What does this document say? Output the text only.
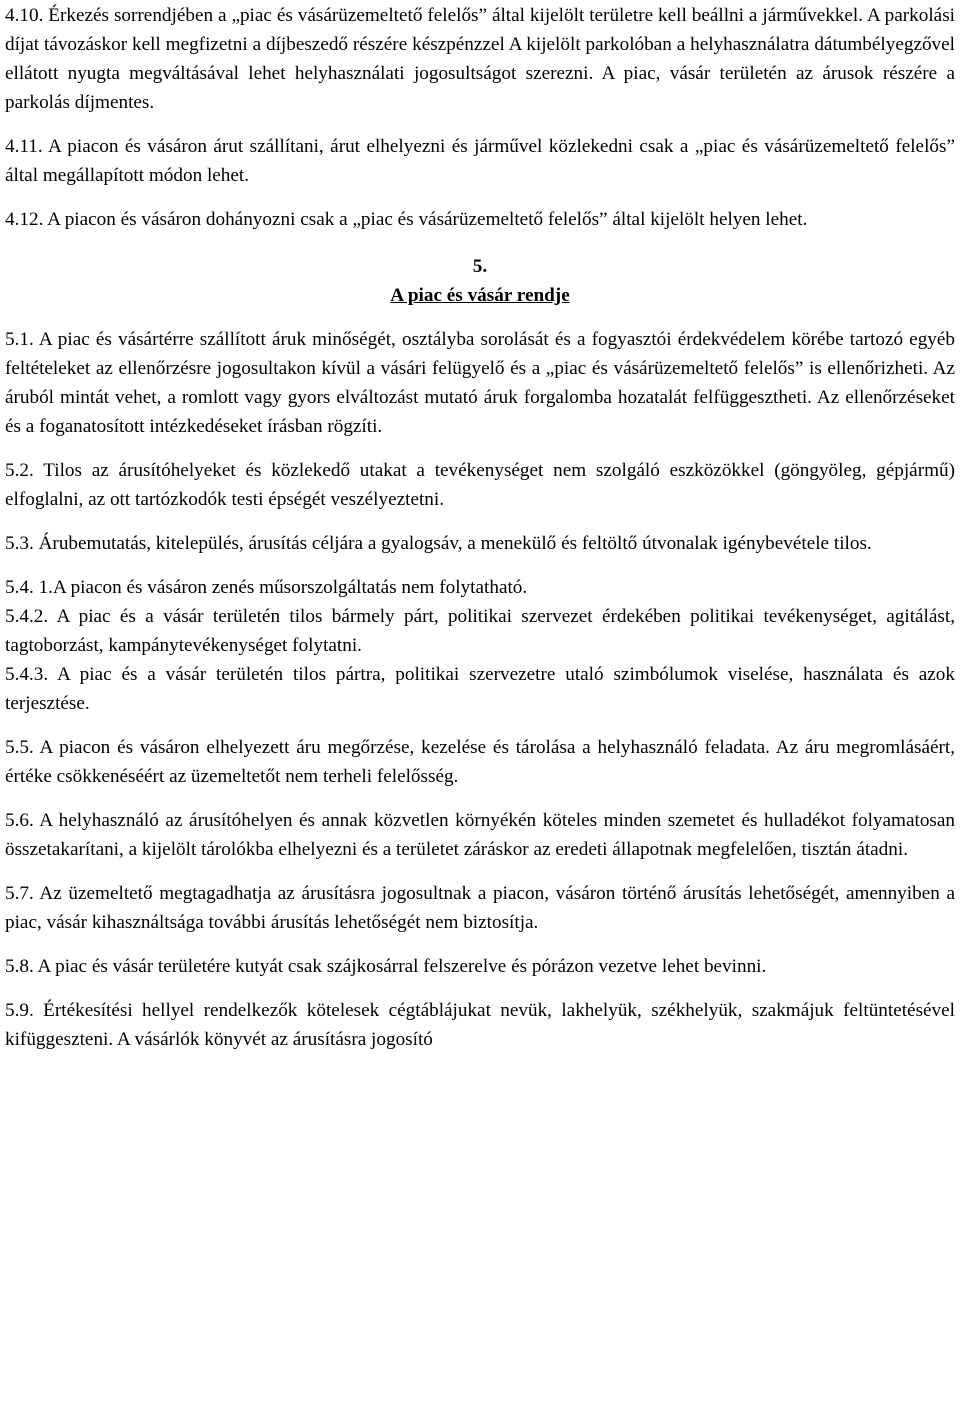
4.10. Érkezés sorrendjében a „piac és vásárüzemeltető felelős” által kijelölt területre kell beállni a járművekkel. A parkolási díjat távozáskor kell megfizetni a díjbeszedő részére készpénzzel A kijelölt parkolóban a helyhasználatra dátumbélyegzővel ellátott nyugta megváltásával lehet helyhasználati jogosultságot szerezni. A piac, vásár területén az árusok részére a parkolás díjmentes.

4.11. A piacon és vásáron árut szállítani, árut elhelyezni és járművel közlekedni csak a „piac és vásárüzemeltető felelős” által megállapított módon lehet.

4.12. A piacon és vásáron dohányozni csak a „piac és vásárüzemeltető felelős” által kijelölt helyen lehet.

5.

A piac és vásár rendje

5.1. A piac és vásártérre szállított áruk minőségét, osztályba sorolását és a fogyasztói érdekvédelem körébe tartozó egyéb feltételeket az ellenőrzésre jogosultakon kívül a vásári felügyelő és a „piac és vásárüzemeltető felelős” is ellenőrizheti. Az áruból mintát vehet, a romlott vagy gyors elváltozást mutató áruk forgalomba hozatalát felfüggesztheti. Az ellenőrzéseket és a foganatosított intézkedéseket írásban rögzíti.

5.2. Tilos az árusítóhelyeket és közlekedő utakat a tevékenységet nem szolgáló eszközökkel (göngyöleg, gépjármű) elfoglalni, az ott tartózkodók testi épségét veszélyeztetni.

5.3. Árubemutatás, kitelepülés, árusítás céljára a gyalogsáv, a menekülő és feltöltő útvonalak igénybevétele tilos.

5.4. 1.A piacon és vásáron zenés műsorszolgáltatás nem folytatható.

5.4.2. A piac és a vásár területén tilos bármely párt, politikai szervezet érdekében politikai tevékenységet, agitálást, tagtoborzást, kampánytevékenységet folytatni.

5.4.3. A piac és a vásár területén tilos pártra, politikai szervezetre utaló szimbólumok viselése, használata és azok terjesztése.

5.5. A piacon és vásáron elhelyezett áru megőrzése, kezelése és tárolása a helyhasználó feladata. Az áru megromlásáért, értéke csökkenéséért az üzemeltetőt nem terheli felelősség.

5.6. A helyhasználó az árusítóhelyen és annak közvetlen környékén köteles minden szemetet és hulladékot folyamatosan összetakarítani, a kijelölt tárolókba elhelyezni és a területet záráskor az eredeti állapotnak megfelelően, tisztán átadni.

5.7. Az üzemeltető megtagadhatja az árusításra jogosultnak a piacon, vásáron történő árusítás lehetőségét, amennyiben a piac, vásár kihasználtsága további árusítás lehetőségét nem biztosítja.

5.8. A piac és vásár területére kutyát csak szájkosárral felszerelve és pórázon vezetve lehet bevinni.

5.9. Értékesítési hellyel rendelkezők kötelesek cégtáblájukat nevük, lakhelyük, székhelyük, szakmájuk feltüntetésével kifüggeszteni. A vásárlók könyvét az árusításra jogosító
